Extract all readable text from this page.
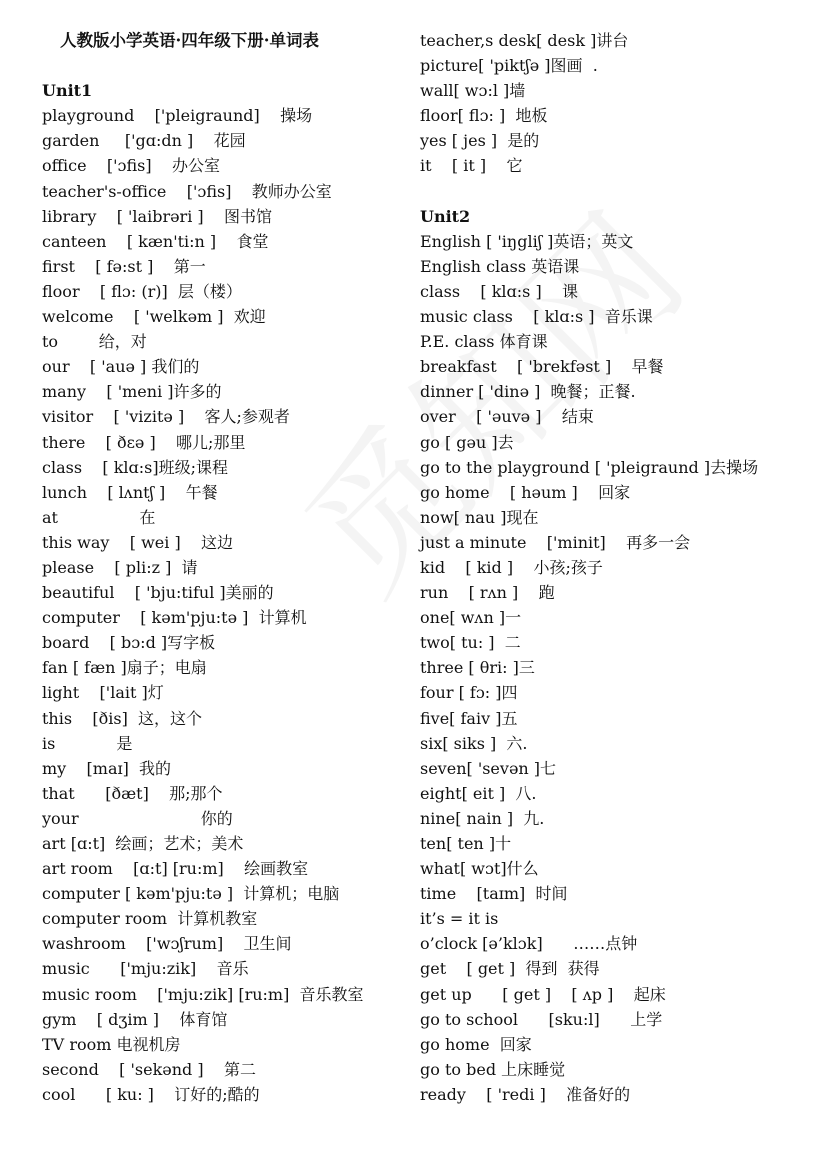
人教版小学英语·四年级下册·单词表
Unit1
playground    ['pleigraund]    操场
garden     ['gɑ:dn ]    花园
office    ['ɔfis]    办公室
teacher's-office    ['ɔfis]    教师办公室
library    [ 'laibrəri ]    图书馆
canteen    [ kæn'ti:n ]    食堂
first    [ fə:st ]    第一
floor    [ flɔ: (r)]  层（楼）
welcome    [ 'welkəm ]  欢迎
to        给，对
our    [ 'auə ] 我们的
many    [ 'meni ]许多的
visitor    [ 'vizitə ]    客人;参观者
there    [ ðɛə ]    哪儿;那里
class    [ klɑ:s]班级;课程
lunch    [ lʌntʃ ]    午餐
at                在
this way    [ wei ]    这边
please    [ pli:z ]  请
beautiful    [ 'bju:tiful ]美丽的
computer    [ kəm'pju:tə ]  计算机
board    [ bɔ:d ]写字板
fan [ fæn ]扇子；电扇
light    ['lait ]灯
this    [ðis]  这，这个
is            是
my    [maɪ]  我的
that      [ðæt]    那;那个
your                        你的
art [ɑ:t]  绘画；艺术；美术
art room    [ɑ:t] [ru:m]    绘画教室
computer [ kəm'pju:tə ]  计算机；电脑
computer room  计算机教室
washroom    ['wɔʃrum]    卫生间
music      ['mju:zik]    音乐
music room    ['mju:zik] [ru:m]  音乐教室
gym    [ dʒim ]    体育馆
TV room 电视机房
second    [ 'sekənd ]    第二
cool      [ ku: ]    订好的;酷的
teacher,s desk[ desk ]讲台
picture[ 'piktʃə ]图画  .
wall[ wɔ:l ]墙
floor[ flɔ: ]  地板
yes [ jes ]  是的
it    [ it ]    它
Unit2
English [ 'iŋgliʃ ]英语；英文
English class 英语课
class    [ klɑ:s ]    课
music class    [ klɑ:s ]  音乐课
P.E. class 体育课
breakfast    [ 'brekfəst ]    早餐
dinner [ 'dinə ]  晚餐；正餐.
over    [ 'əuvə ]    结束
go [ gəu ]去
go to the playground [ 'pleigraund ]去操场
go home    [ həum ]    回家
now[ nau ]现在
just a minute    ['minit]    再多一会
kid    [ kid ]    小孩;孩子
run    [ rʌn ]    跑
one[ wʌn ]一
two[ tu: ]  二
three [ θri: ]三
four [ fɔ: ]四
five[ faiv ]五
six[ siks ]  六.
seven[ 'sevən ]七
eight[ eit ]  八.
nine[ nain ]  九.
ten[ ten ]十
what[ wɔt]什么
time    [taɪm]  时间
it’s = it is
o’clock [ə’klɔk]      ……点钟
get    [ get ]  得到  获得
get up      [ get ]    [ ʌp ]    起床
go to school      [sku:l]      上学
go home  回家
go to bed 上床睡觉
ready    [ 'redi ]    准备好的
